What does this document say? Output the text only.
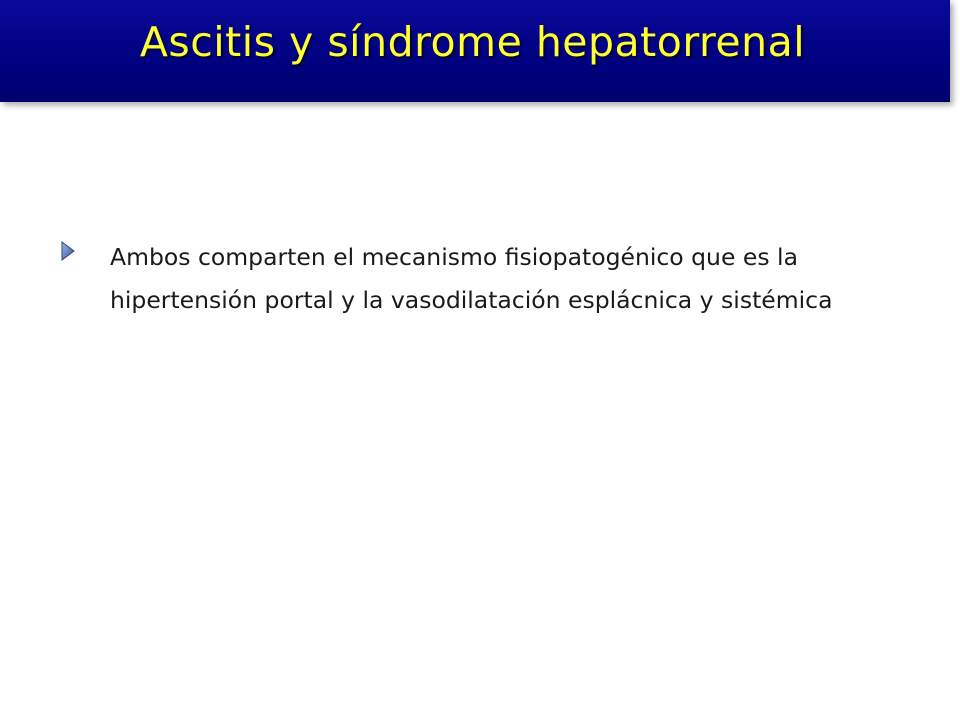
Ascitis y síndrome hepatorrenal
Ambos comparten el mecanismo fisiopatogénico que es la hipertensión portal y la vasodilatación esplácnica y sistémica
